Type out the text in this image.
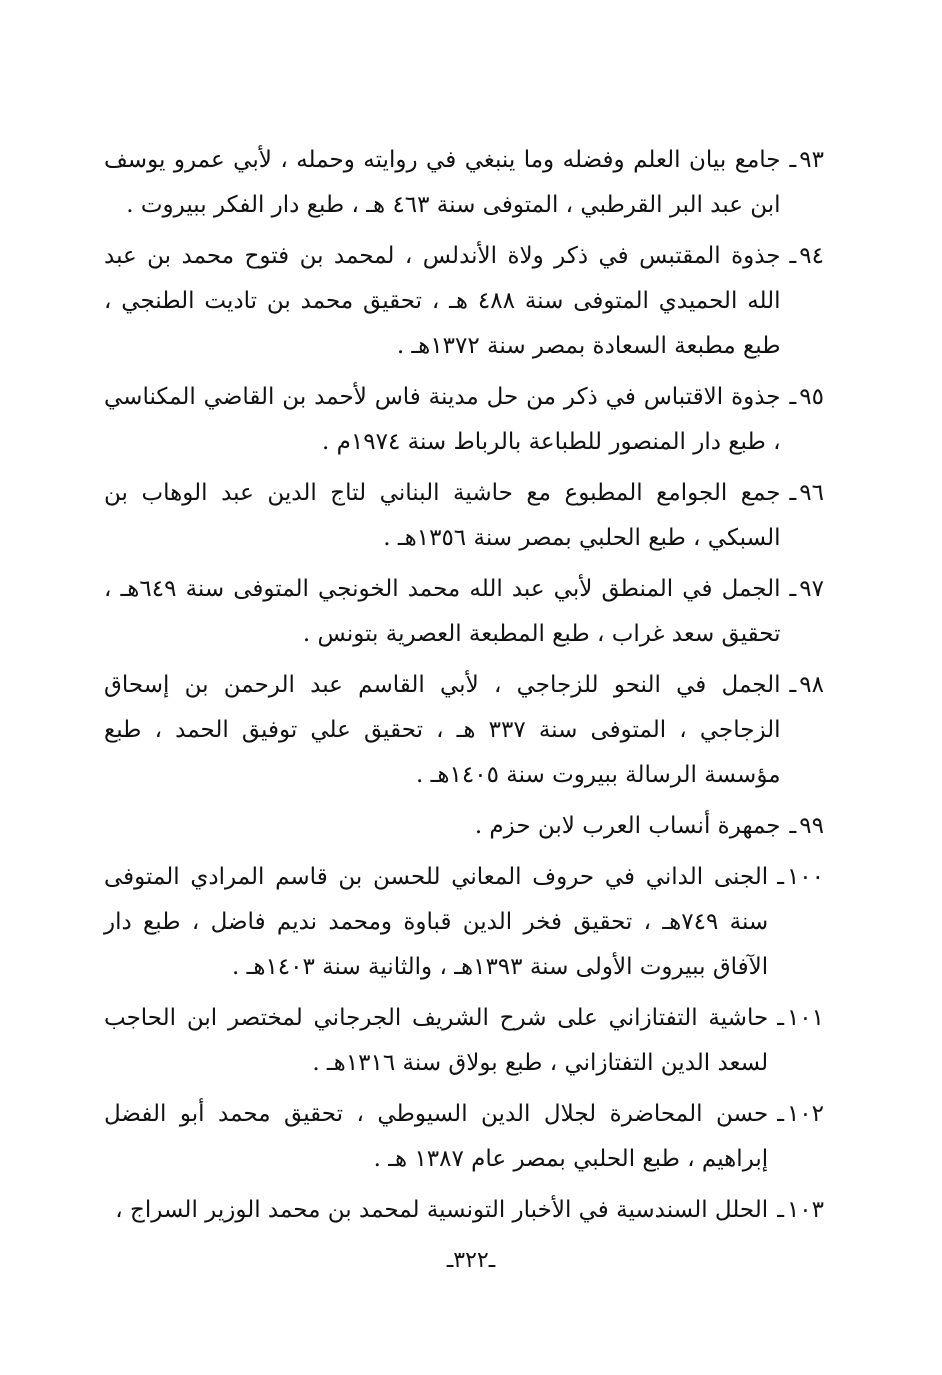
٩٣ـ
جامع بيان العلم وفضله وما ينبغي في روايته وحمله ، لأبي عمرو يوسف ابن عبد البر القرطبي ، المتوفى سنة ٤٦٣ هـ ، طبع دار الفكر ببيروت .
٩٤ـ
جذوة المقتبس في ذكر ولاة الأندلس ، لمحمد بن فتوح محمد بن عبد الله الحميدي المتوفى سنة ٤٨٨ هـ ، تحقيق محمد بن تاديت الطنجي ، طبع مطبعة السعادة بمصر سنة ١٣٧٢هـ .
٩٥ـ
جذوة الاقتباس في ذكر من حل مدينة فاس لأحمد بن القاضي المكناسي ، طبع دار المنصور للطباعة بالرباط سنة ١٩٧٤م .
٩٦ـ
جمع الجوامع المطبوع مع حاشية البناني لتاج الدين عبد الوهاب بن السبكي ، طبع الحلبي بمصر سنة ١٣٥٦هـ .
٩٧ـ
الجمل في المنطق لأبي عبد الله محمد الخونجي المتوفى سنة ٦٤٩هـ ، تحقيق سعد غراب ، طبع المطبعة العصرية بتونس .
٩٨ـ
الجمل في النحو للزجاجي ، لأبي القاسم عبد الرحمن بن إسحاق الزجاجي ، المتوفى سنة ٣٣٧ هـ ، تحقيق علي توفيق الحمد ، طبع مؤسسة الرسالة ببيروت سنة ١٤٠٥هـ .
٩٩ـ
جمهرة أنساب العرب لابن حزم .
١٠٠ـ
الجنى الداني في حروف المعاني للحسن بن قاسم المرادي المتوفى سنة ٧٤٩هـ ، تحقيق فخر الدين قباوة ومحمد نديم فاضل ، طبع دار الآفاق ببيروت الأولى سنة ١٣٩٣هـ ، والثانية سنة ١٤٠٣هـ .
١٠١ـ
حاشية التفتازاني على شرح الشريف الجرجاني لمختصر ابن الحاجب لسعد الدين التفتازاني ، طبع بولاق سنة ١٣١٦هـ .
١٠٢ـ
حسن المحاضرة لجلال الدين السيوطي ، تحقيق محمد أبو الفضل إبراهيم ، طبع الحلبي بمصر عام ١٣٨٧ هـ .
١٠٣ـ
الحلل السندسية في الأخبار التونسية لمحمد بن محمد الوزير السراج ،
ـ٣٢٢ـ
